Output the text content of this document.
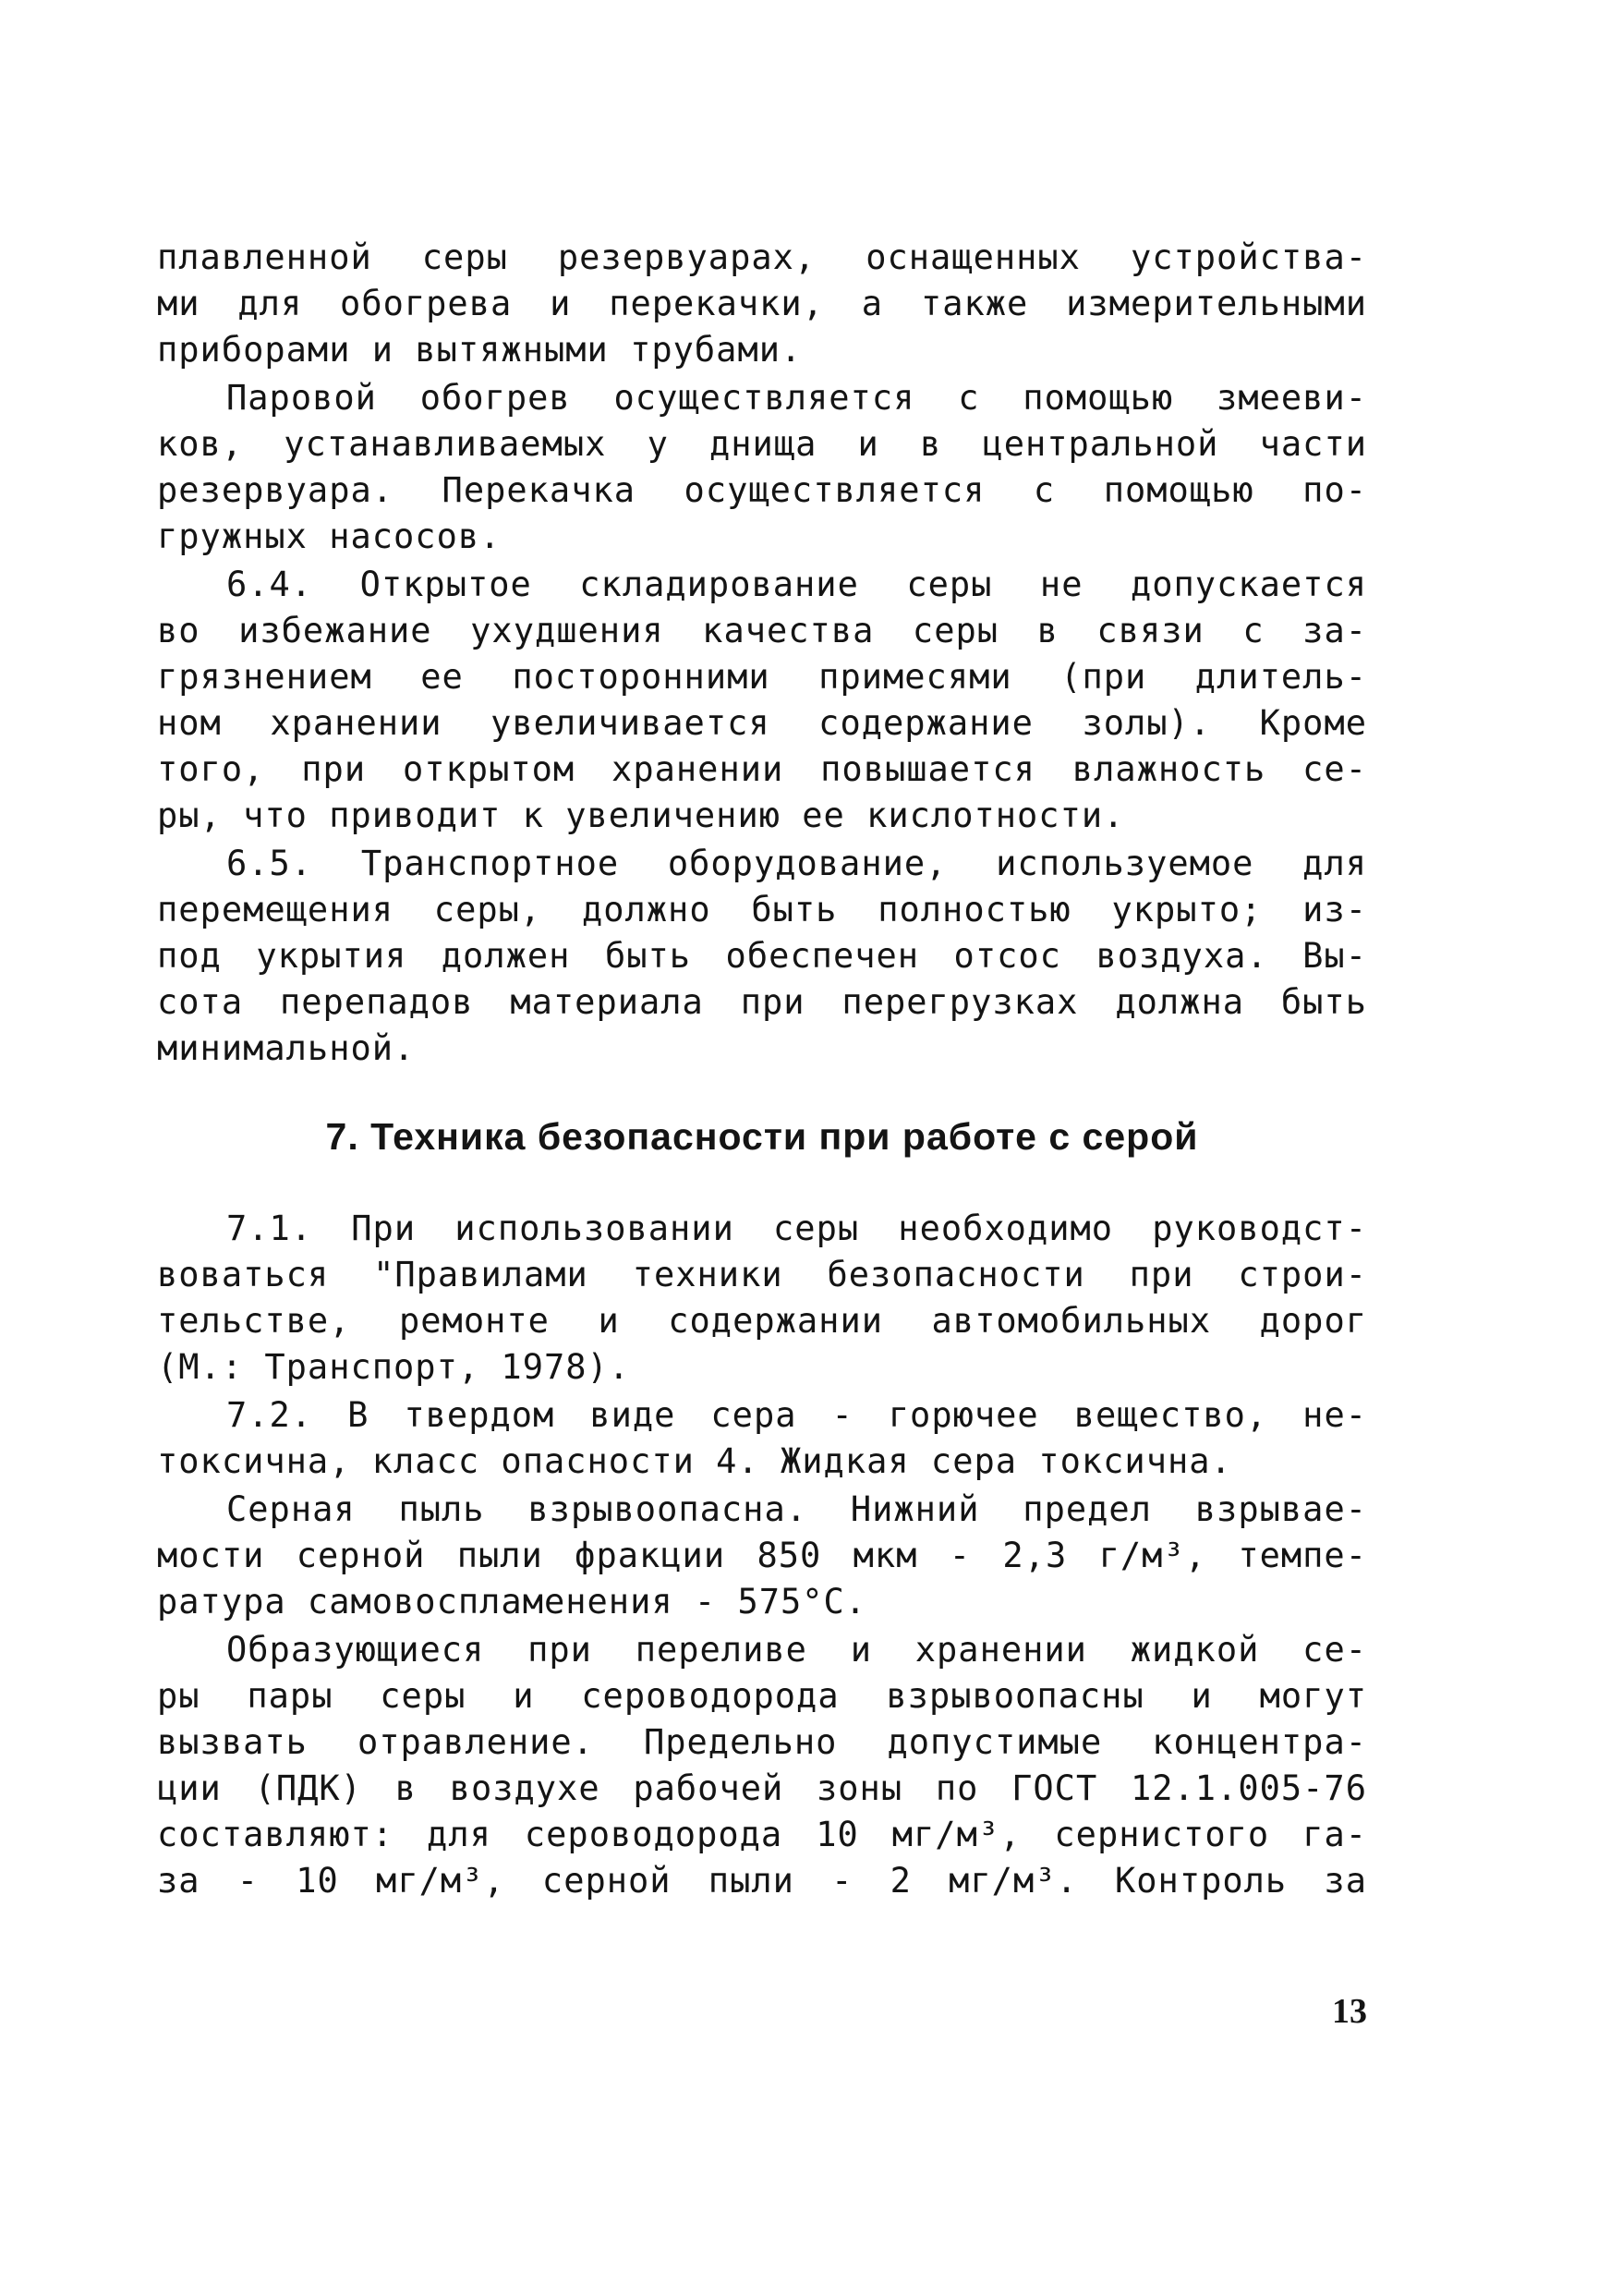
плавленной серы резервуарах, оснащенных устройства-
ми для обогрева и перекачки, а также измерительными
приборами и вытяжными трубами.
Паровой обогрев осуществляется с помощью змееви-
ков, устанавливаемых у днища и в центральной части
резервуара. Перекачка осуществляется с помощью по-
гружных насосов.
6.4. Открытое складирование серы не допускается
во избежание ухудшения качества серы в связи с за-
грязнением ее посторонними примесями (при длитель-
ном хранении увеличивается содержание золы). Кроме
того, при открытом хранении повышается влажность се-
ры, что приводит к увеличению ее кислотности.
6.5. Транспортное оборудование, используемое для
перемещения серы, должно быть полностью укрыто; из-
под укрытия должен быть обеспечен отсос воздуха. Вы-
сота перепадов материала при перегрузках должна быть
минимальной.
7. Техника безопасности при работе с серой
7.1. При использовании серы необходимо руководст-
воваться "Правилами техники безопасности при строи-
тельстве, ремонте и содержании автомобильных дорог
(М.: Транспорт, 1978).
7.2. В твердом виде сера - горючее вещество, не-
токсична, класс опасности 4. Жидкая сера токсична.
Серная пыль взрывоопасна. Нижний предел взрывае-
мости серной пыли фракции 850 мкм - 2,3 г/м³, темпе-
ратура самовоспламенения - 575°С.
Образующиеся при переливе и хранении жидкой се-
ры пары серы и сероводорода взрывоопасны и могут
вызвать отравление. Предельно допустимые концентра-
ции (ПДК) в воздухе рабочей зоны по ГОСТ 12.1.005-76
составляют: для сероводорода 10 мг/м³, сернистого га-
за - 10 мг/м³, серной пыли - 2 мг/м³. Контроль за
13
